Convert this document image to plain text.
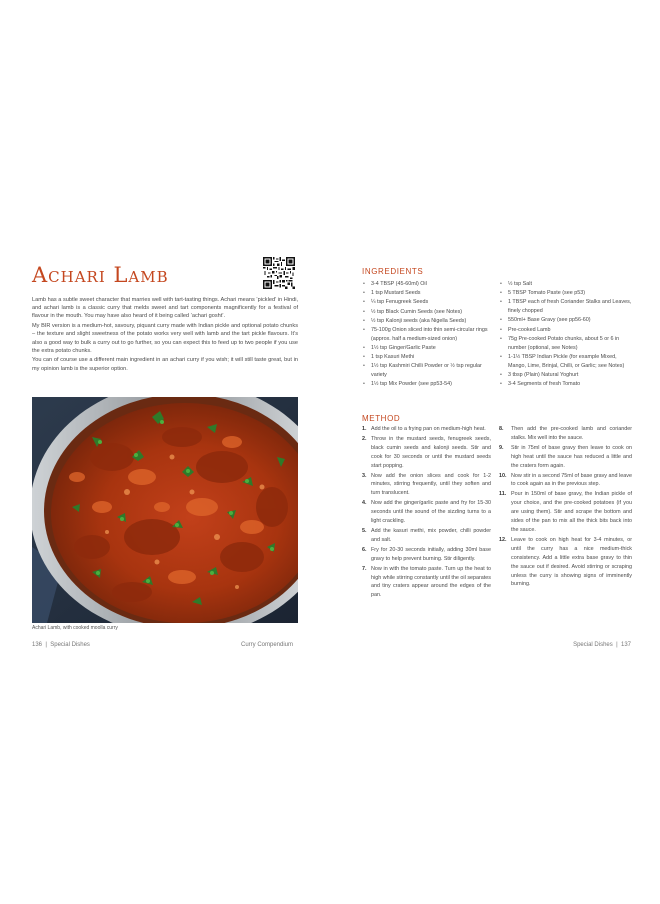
Achari Lamb

Lamb has a subtle sweet character that marries well with tart-tasting things. Achari means ‘pickled’ in Hindi, and achari lamb is a classic curry that melds sweet and tart components magnificently for a festival of flavour in the mouth. You may have also heard of it being called ‘achari gosht’.

My BIR version is a medium-hot, savoury, piquant curry made with Indian pickle and optional potato chunks – the texture and slight sweetness of the potato works very well with lamb and the tart pickle flavours. It’s also a good way to bulk a curry out to go further, so you can expect this to feed up to two people if you use the extra potato chunks.

You can of course use a different main ingredient in an achari curry if you wish; it will still taste great, but in my opinion lamb is the superior option.

Achari Lamb, with cooked moolla curry
136  |  Special Dishes	Curry Compendium
INGREDIENTS
• 3-4 TBSP (45-60ml) Oil
• 1 tsp Mustard Seeds
• ¼ tsp Fenugreek Seeds
• ½ tsp Black Cumin Seeds (see Notes)
• ½ tsp Kalonji seeds (aka Nigella Seeds)
• 75-100g Onion sliced into thin semi-circular rings (approx. half a medium-sized onion)
• 1½ tsp Ginger/Garlic Paste
• 1 tsp Kasuri Methi
• 1½ tsp Kashmiri Chilli Powder or ½ tsp regular variety
• 1½ tsp Mix Powder (see pp53-54)
• ½ tsp Salt
• 5 TBSP Tomato Paste (see p53)
• 1 TBSP each of fresh Coriander Stalks and Leaves, finely chopped
• 550ml+ Base Gravy (see pp56-60)
• Pre-cooked Lamb
• 75g Pre-cooked Potato chunks, about 5 or 6 in number (optional, see Notes)
• 1-1½ TBSP Indian Pickle (for example Mixed, Mango, Lime, Brinjal, Chilli, or Garlic; see Notes)
• 3 tbsp (Plain) Natural Yoghurt
• 3-4 Segments of fresh Tomato
METHOD
1. Add the oil to a frying pan on medium-high heat.
2. Throw in the mustard seeds, fenugreek seeds, black cumin seeds and kalonji seeds. Stir and cook for 30 seconds or until the mustard seeds start popping.
3. Now add the onion slices and cook for 1-2 minutes, stirring frequently, until they soften and turn translucent.
4. Now add the ginger/garlic paste and fry for 15-30 seconds until the sound of the sizzling turns to a light crackling.
5. Add the kasuri methi, mix powder, chilli powder and salt.
6. Fry for 20-30 seconds initially, adding 30ml base gravy to help prevent burning. Stir diligently.
7. Now in with the tomato paste. Turn up the heat to high while stirring constantly until the oil separates and tiny craters appear around the edges of the pan.
8. Then add the pre-cooked lamb and coriander stalks. Mix well into the sauce.
9. Stir in 75ml of base gravy then leave to cook on high heat until the sauce has reduced a little and the craters form again.
10. Now stir in a second 75ml of base gravy and leave to cook again as in the previous step.
11. Pour in 150ml of base gravy, the Indian pickle of your choice, and the pre-cooked potatoes (if you are using them). Stir and scrape the bottom and sides of the pan to mix all the thick bits back into the sauce.
12. Leave to cook on high heat for 3-4 minutes, or until the curry has a nice medium-thick consistency. Add a little extra base gravy to thin the sauce out if desired. Avoid stirring or scraping unless the curry is showing signs of imminently burning.
Special Dishes  |  137
